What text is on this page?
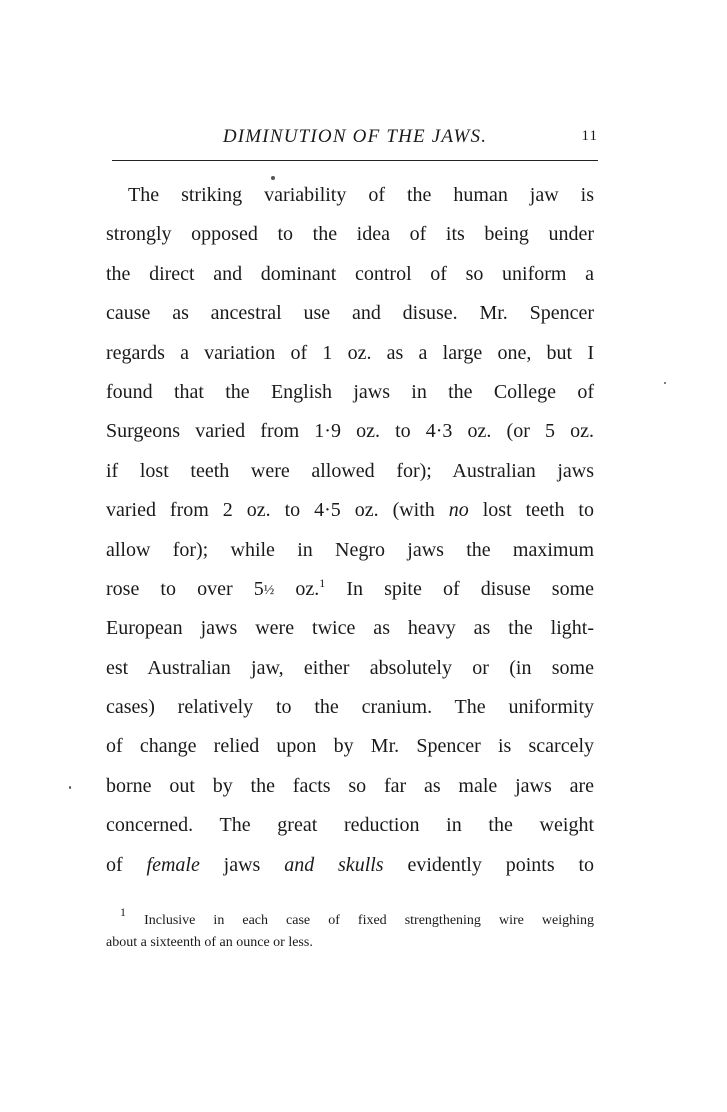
DIMINUTION OF THE JAWS.	11
The striking variability of the human jaw is
strongly opposed to the idea of its being under
the direct and dominant control of so uniform a
cause as ancestral use and disuse. Mr. Spencer
regards a variation of 1 oz. as a large one, but I
found that the English jaws in the College of
Surgeons varied from 1·9 oz. to 4·3 oz. (or 5 oz.
if lost teeth were allowed for); Australian jaws
varied from 2 oz. to 4·5 oz. (with no lost teeth to
allow for); while in Negro jaws the maximum
rose to over 5½ oz.$^1$ In spite of disuse some
European jaws were twice as heavy as the light-
est Australian jaw, either absolutely or (in some
cases) relatively to the cranium. The uniformity
of change relied upon by Mr. Spencer is scarcely
borne out by the facts so far as male jaws are
concerned. The great reduction in the weight
of female jaws and skulls evidently points to
$^1$ Inclusive in each case of fixed strengthening wire weighing
about a sixteenth of an ounce or less.
